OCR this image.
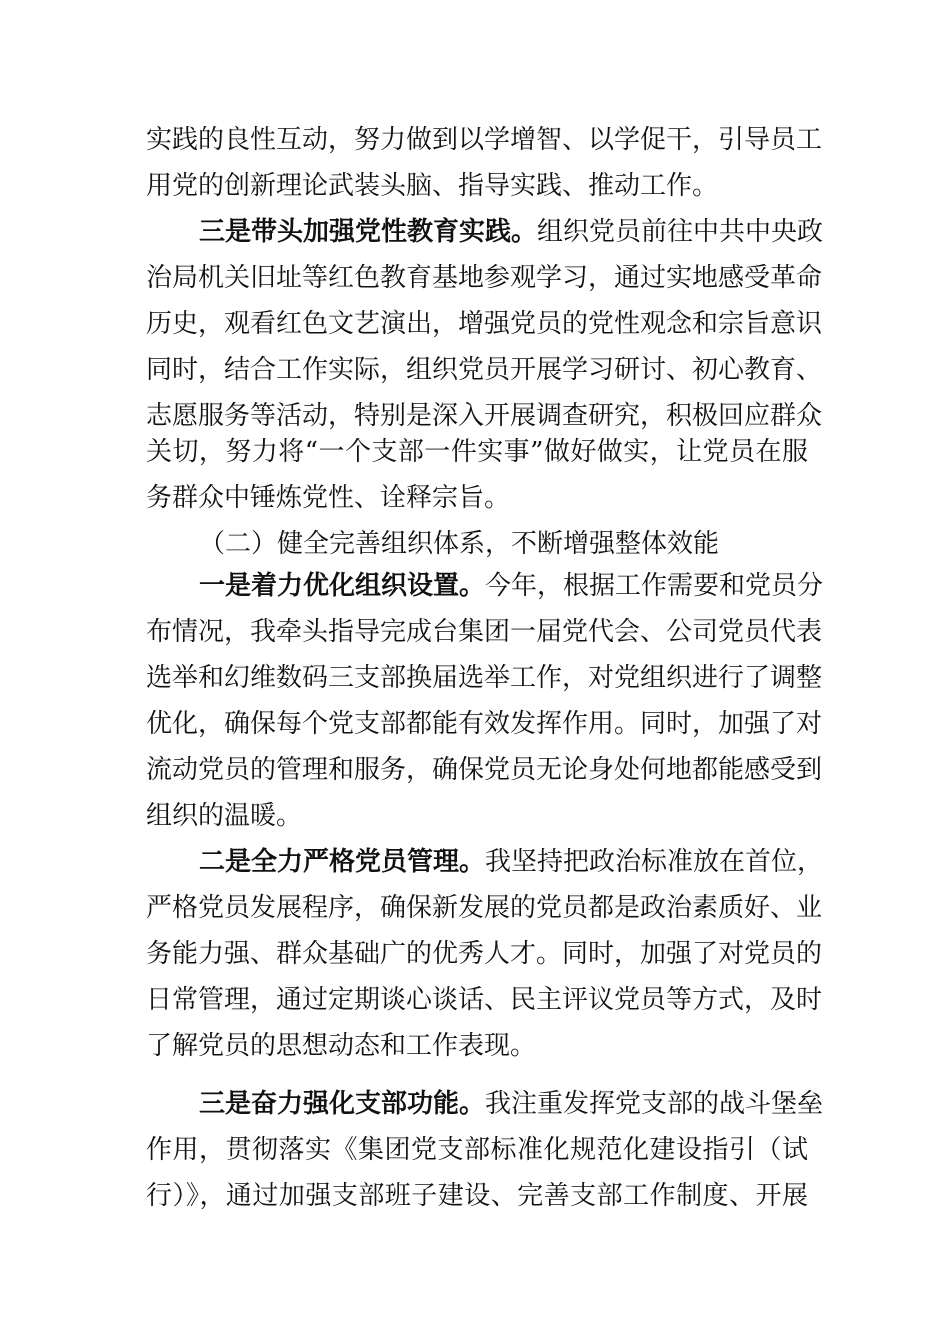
实践的良性互动，努力做到以学增智、以学促干，引导员工
用党的创新理论武装头脑、指导实践、推动工作。
三是带头加强党性教育实践。组织党员前往中共中央政
治局机关旧址等红色教育基地参观学习，通过实地感受革命
历史，观看红色文艺演出，增强党员的党性观念和宗旨意识
同时，结合工作实际，组织党员开展学习研讨、初心教育、
志愿服务等活动，特别是深入开展调查研究，积极回应群众
关切，努力将“一个支部一件实事”做好做实，让党员在服
务群众中锤炼党性、诠释宗旨。
（二）健全完善组织体系，不断增强整体效能
一是着力优化组织设置。今年，根据工作需要和党员分
布情况，我牵头指导完成台集团一届党代会、公司党员代表
选举和幻维数码三支部换届选举工作，对党组织进行了调整
优化，确保每个党支部都能有效发挥作用。同时，加强了对
流动党员的管理和服务，确保党员无论身处何地都能感受到
组织的温暖。
二是全力严格党员管理。我坚持把政治标准放在首位，
严格党员发展程序，确保新发展的党员都是政治素质好、业
务能力强、群众基础广的优秀人才。同时，加强了对党员的
日常管理，通过定期谈心谈话、民主评议党员等方式，及时
了解党员的思想动态和工作表现。
三是奋力强化支部功能。我注重发挥党支部的战斗堡垒
作用，贯彻落实《集团党支部标准化规范化建设指引（试
行）》，通过加强支部班子建设、完善支部工作制度、开展
